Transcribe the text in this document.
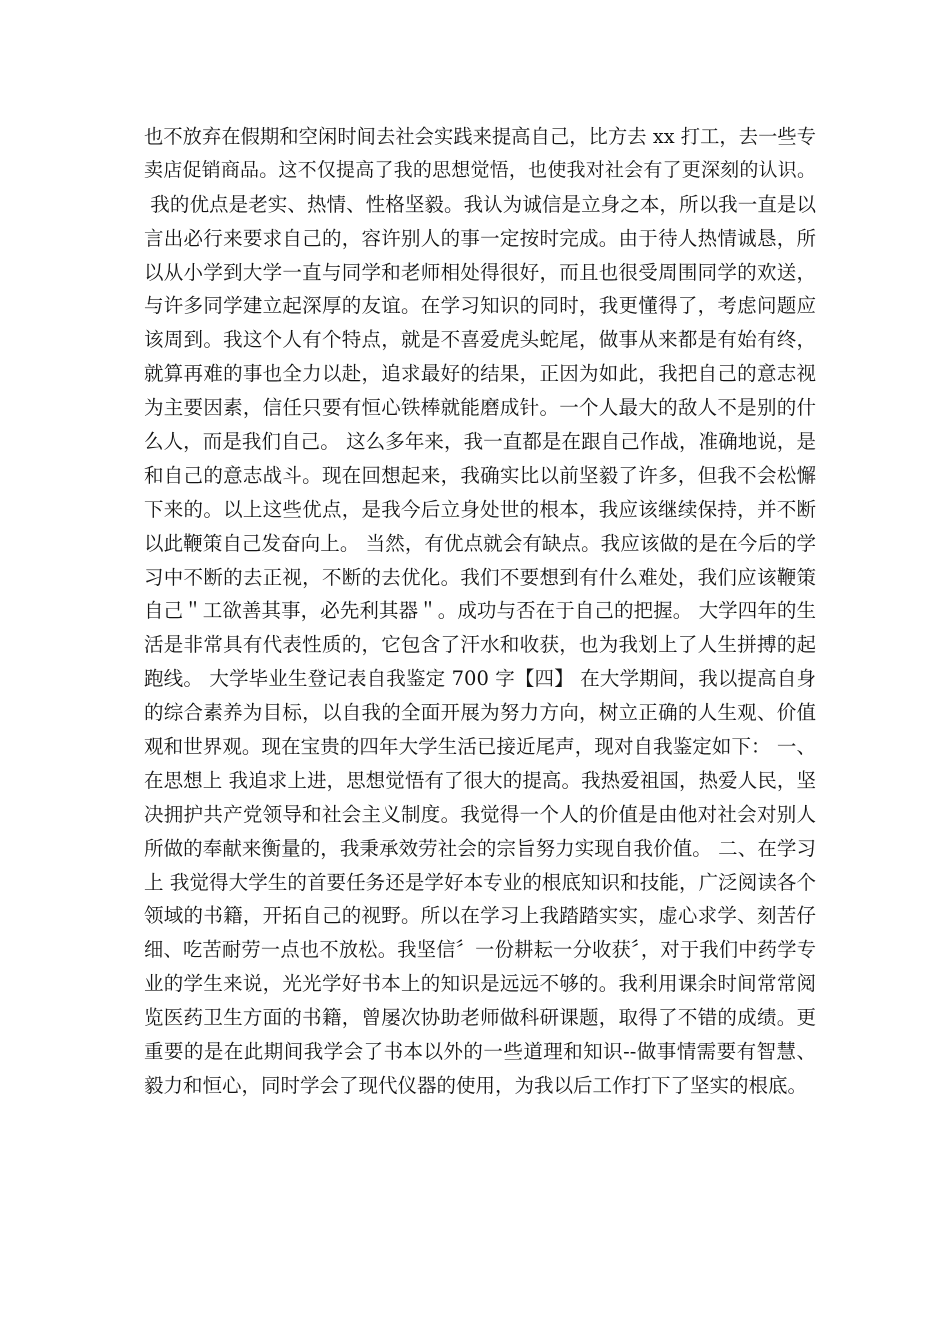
也不放弃在假期和空闲时间去社会实践来提高自己，比方去 xx 打工，去一些专
卖店促销商品。这不仅提高了我的思想觉悟，也使我对社会有了更深刻的认识。
我的优点是老实、热情、性格坚毅。我认为诚信是立身之本，所以我一直是以
言出必行来要求自己的，容许别人的事一定按时完成。由于待人热情诚恳，所
以从小学到大学一直与同学和老师相处得很好，而且也很受周围同学的欢送，
与许多同学建立起深厚的友谊。在学习知识的同时，我更懂得了，考虑问题应
该周到。我这个人有个特点，就是不喜爱虎头蛇尾，做事从来都是有始有终，
就算再难的事也全力以赴，追求最好的结果，正因为如此，我把自己的意志视
为主要因素，信任只要有恒心铁棒就能磨成针。一个人最大的敌人不是别的什
么人，而是我们自己。 这么多年来，我一直都是在跟自己作战，准确地说，是
和自己的意志战斗。现在回想起来，我确实比以前坚毅了许多，但我不会松懈
下来的。以上这些优点，是我今后立身处世的根本，我应该继续保持，并不断
以此鞭策自己发奋向上。 当然，有优点就会有缺点。我应该做的是在今后的学
习中不断的去正视，不断的去优化。我们不要想到有什么难处，我们应该鞭策
自己＂工欲善其事，必先利其器＂。成功与否在于自己的把握。 大学四年的生
活是非常具有代表性质的，它包含了汗水和收获，也为我划上了人生拼搏的起
跑线。 大学毕业生登记表自我鉴定 700 字【四】 在大学期间，我以提高自身
的综合素养为目标，以自我的全面开展为努力方向，树立正确的人生观、价值
观和世界观。现在宝贵的四年大学生活已接近尾声，现对自我鉴定如下： 一、
在思想上 我追求上进，思想觉悟有了很大的提高。我热爱祖国，热爱人民，坚
决拥护共产党领导和社会主义制度。我觉得一个人的价值是由他对社会对别人
所做的奉献来衡量的，我秉承效劳社会的宗旨努力实现自我价值。 二、在学习
上 我觉得大学生的首要任务还是学好本专业的根底知识和技能，广泛阅读各个
领域的书籍，开拓自己的视野。所以在学习上我踏踏实实，虚心求学、刻苦仔
细、吃苦耐劳一点也不放松。我坚信〞一份耕耘一分收获〞，对于我们中药学专
业的学生来说，光光学好书本上的知识是远远不够的。我利用课余时间常常阅
览医药卫生方面的书籍，曾屡次协助老师做科研课题，取得了不错的成绩。更
重要的是在此期间我学会了书本以外的一些道理和知识--做事情需要有智慧、
毅力和恒心，同时学会了现代仪器的使用，为我以后工作打下了坚实的根底。
